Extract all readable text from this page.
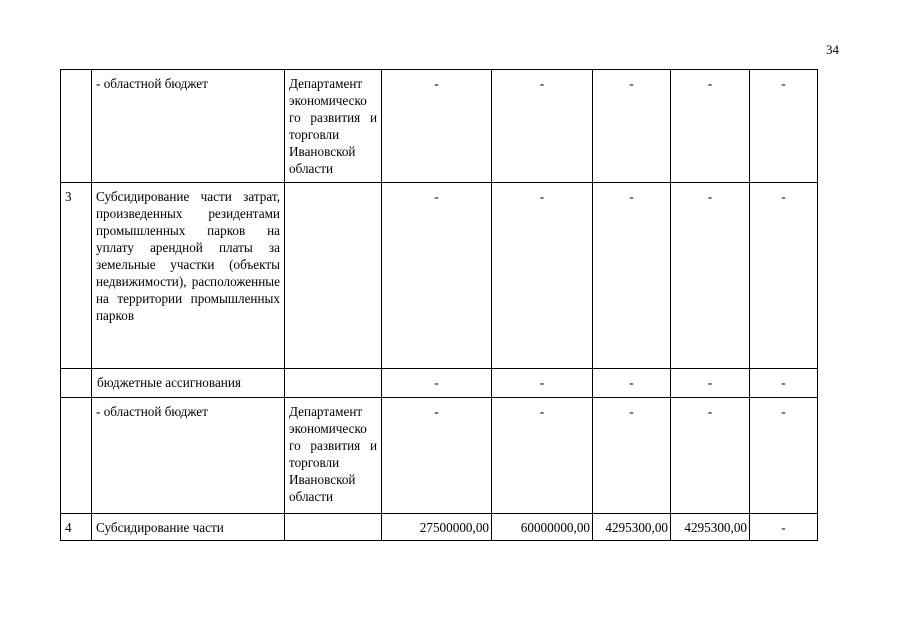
34
	- областной бюджет	Департамент экономическо го развития и торговли Ивановской области	-	-	-	-	-
3	Субсидирование части затрат, произведенных резидентами промышленных парков на уплату арендной платы за земельные участки (объекты недвижимости), расположенные на территории промышленных парков		-	-	-	-	-
	бюджетные ассигнования		-	-	-	-	-
	- областной бюджет	Департамент экономическо го развития и торговли Ивановской области	-	-	-	-	-
4	Субсидирование части		27500000,00	60000000,00	4295300,00	4295300,00	-
